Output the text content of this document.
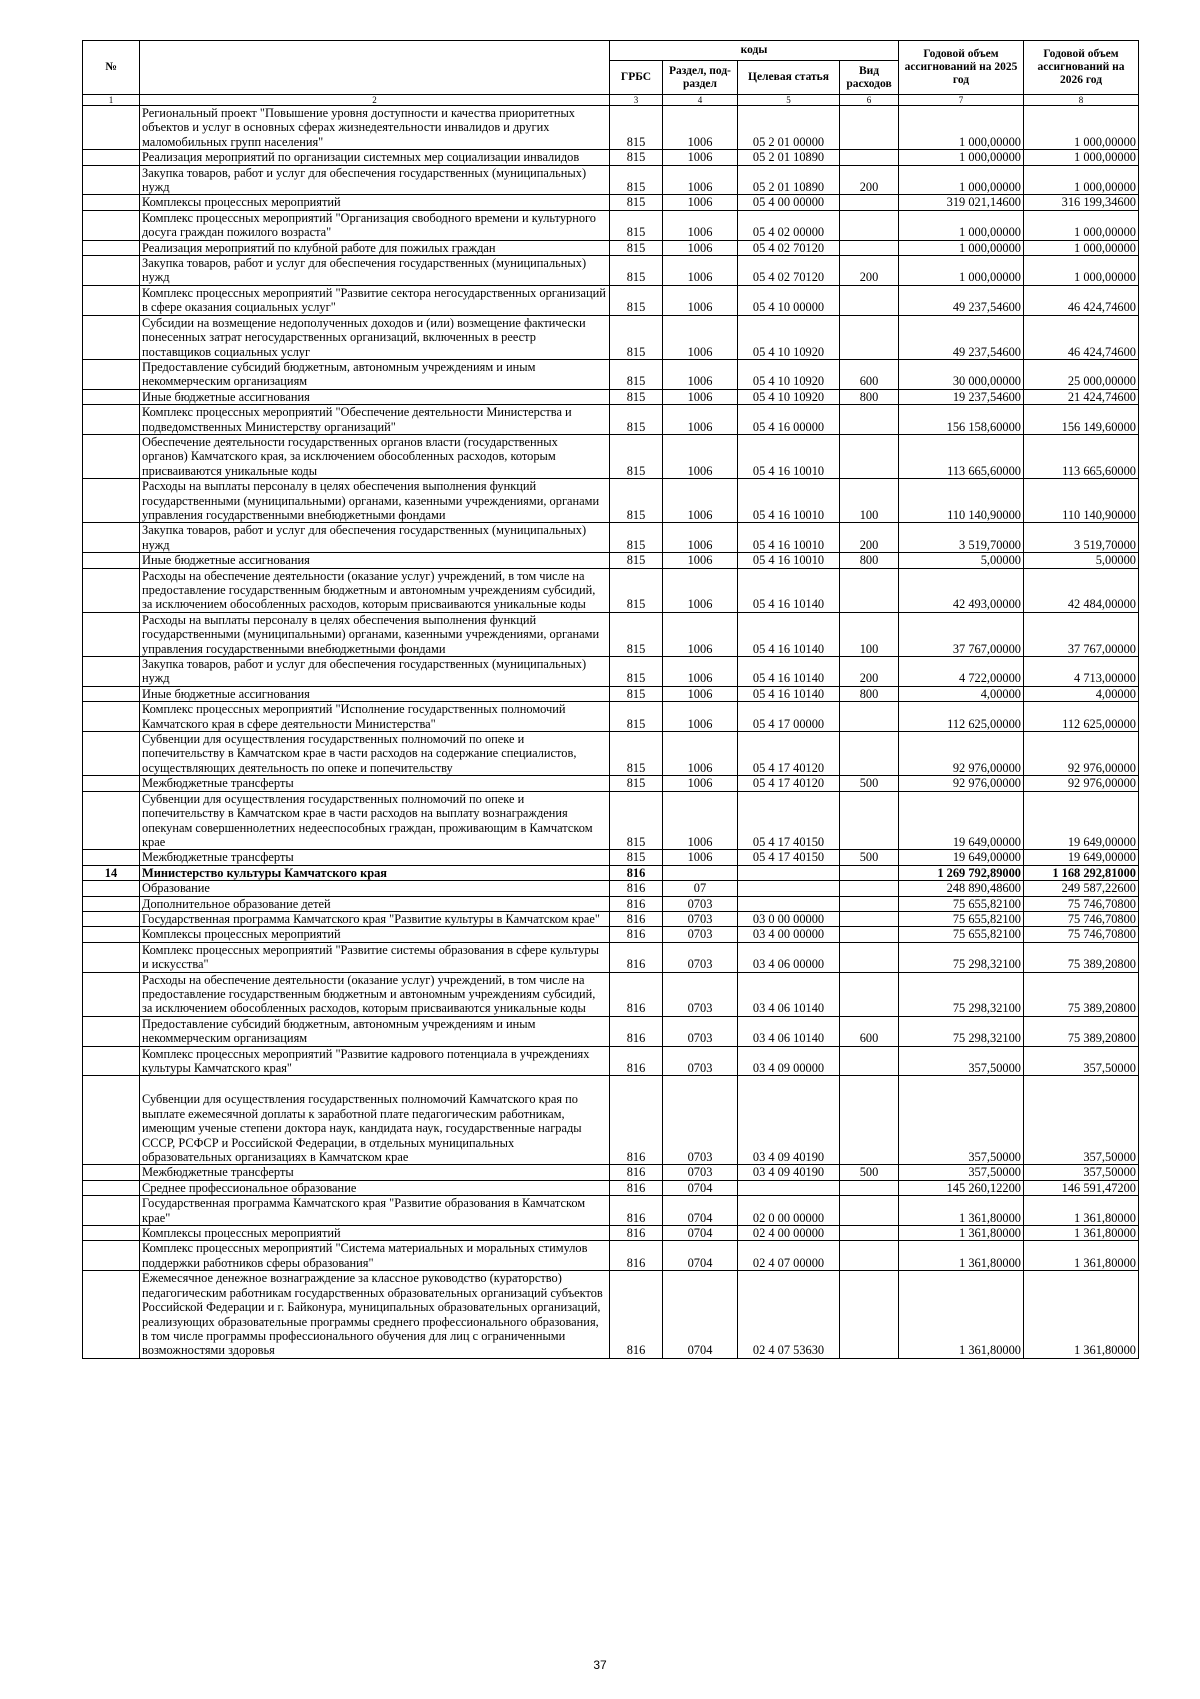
№		коды				Годовой объем ассигнований на 2025 год	Годовой объем ассигнований на 2026 год
		ГРБС	Раздел, под-раздел	Целевая статья	Вид расходов		
1	2	3	4	5	6	7	8
	Региональный проект "Повышение уровня доступности и качества приоритетных объектов и услуг в основных сферах жизнедеятельности инвалидов и других маломобильных групп населения"	815	1006	05 2 01 00000		1 000,00000	1 000,00000
	Реализация мероприятий по организации системных мер социализации инвалидов	815	1006	05 2 01 10890		1 000,00000	1 000,00000
	Закупка товаров, работ и услуг для обеспечения государственных (муниципальных) нужд	815	1006	05 2 01 10890	200	1 000,00000	1 000,00000
	Комплексы процессных мероприятий	815	1006	05 4 00 00000		319 021,14600	316 199,34600
	Комплекс процессных мероприятий "Организация свободного времени и культурного досуга граждан пожилого возраста"	815	1006	05 4 02 00000		1 000,00000	1 000,00000
	Реализация мероприятий по клубной работе для пожилых граждан	815	1006	05 4 02 70120		1 000,00000	1 000,00000
	Закупка товаров, работ и услуг для обеспечения государственных (муниципальных) нужд	815	1006	05 4 02 70120	200	1 000,00000	1 000,00000
	Комплекс процессных мероприятий "Развитие сектора негосударственных организаций в сфере оказания социальных услуг"	815	1006	05 4 10 00000		49 237,54600	46 424,74600
	Субсидии на возмещение недополученных доходов и (или) возмещение фактически понесенных затрат негосударственных организаций, включенных в реестр поставщиков социальных услуг	815	1006	05 4 10 10920		49 237,54600	46 424,74600
	Предоставление субсидий бюджетным, автономным учреждениям и иным некоммерческим организациям	815	1006	05 4 10 10920	600	30 000,00000	25 000,00000
	Иные бюджетные ассигнования	815	1006	05 4 10 10920	800	19 237,54600	21 424,74600
	Комплекс процессных мероприятий "Обеспечение деятельности Министерства и подведомственных Министерству организаций"	815	1006	05 4 16 00000		156 158,60000	156 149,60000
	Обеспечение деятельности государственных органов власти (государственных органов) Камчатского края, за исключением обособленных расходов, которым присваиваются уникальные коды	815	1006	05 4 16 10010		113 665,60000	113 665,60000
	Расходы на выплаты персоналу в целях обеспечения выполнения функций государственными (муниципальными) органами, казенными учреждениями, органами управления государственными внебюджетными фондами	815	1006	05 4 16 10010	100	110 140,90000	110 140,90000
	Закупка товаров, работ и услуг для обеспечения государственных (муниципальных) нужд	815	1006	05 4 16 10010	200	3 519,70000	3 519,70000
	Иные бюджетные ассигнования	815	1006	05 4 16 10010	800	5,00000	5,00000
	Расходы на обеспечение деятельности (оказание услуг) учреждений, в том числе на предоставление государственным бюджетным и автономным учреждениям субсидий, за исключением обособленных расходов, которым присваиваются уникальные коды	815	1006	05 4 16 10140		42 493,00000	42 484,00000
	Расходы на выплаты персоналу в целях обеспечения выполнения функций государственными (муниципальными) органами, казенными учреждениями, органами управления государственными внебюджетными фондами	815	1006	05 4 16 10140	100	37 767,00000	37 767,00000
	Закупка товаров, работ и услуг для обеспечения государственных (муниципальных) нужд	815	1006	05 4 16 10140	200	4 722,00000	4 713,00000
	Иные бюджетные ассигнования	815	1006	05 4 16 10140	800	4,00000	4,00000
	Комплекс процессных мероприятий "Исполнение государственных полномочий Камчатского края в сфере деятельности Министерства"	815	1006	05 4 17 00000		112 625,00000	112 625,00000
	Субвенции для осуществления государственных полномочий по опеке и попечительству в Камчатском крае в части расходов на содержание специалистов, осуществляющих деятельность по опеке и попечительству	815	1006	05 4 17 40120		92 976,00000	92 976,00000
	Межбюджетные трансферты	815	1006	05 4 17 40120	500	92 976,00000	92 976,00000
	Субвенции для осуществления государственных полномочий по опеке и попечительству в Камчатском крае в части расходов на выплату вознаграждения опекунам совершеннолетних недееспособных граждан, проживающим в Камчатском крае	815	1006	05 4 17 40150		19 649,00000	19 649,00000
	Межбюджетные трансферты	815	1006	05 4 17 40150	500	19 649,00000	19 649,00000
14	Министерство культуры Камчатского края	816				1 269 792,89000	1 168 292,81000
	Образование	816	07			248 890,48600	249 587,22600
	Дополнительное образование детей	816	0703			75 655,82100	75 746,70800
	Государственная программа Камчатского края "Развитие культуры в Камчатском крае"	816	0703	03 0 00 00000		75 655,82100	75 746,70800
	Комплексы процессных мероприятий	816	0703	03 4 00 00000		75 655,82100	75 746,70800
	Комплекс процессных мероприятий "Развитие системы образования в сфере культуры и искусства"	816	0703	03 4 06 00000		75 298,32100	75 389,20800
	Расходы на обеспечение деятельности (оказание услуг) учреждений, в том числе на предоставление государственным бюджетным и автономным учреждениям субсидий, за исключением обособленных расходов, которым присваиваются уникальные коды	816	0703	03 4 06 10140		75 298,32100	75 389,20800
	Предоставление субсидий бюджетным, автономным учреждениям и иным некоммерческим организациям	816	0703	03 4 06 10140	600	75 298,32100	75 389,20800
	Комплекс процессных мероприятий "Развитие кадрового потенциала в учреждениях культуры Камчатского края"	816	0703	03 4 09 00000		357,50000	357,50000
	Субвенции для осуществления государственных полномочий Камчатского края по выплате ежемесячной доплаты к заработной плате педагогическим работникам, имеющим ученые степени доктора наук, кандидата наук, государственные награды СССР, РСФСР и Российской Федерации, в отдельных муниципальных образовательных организациях в Камчатском крае	816	0703	03 4 09 40190		357,50000	357,50000
	Межбюджетные трансферты	816	0703	03 4 09 40190	500	357,50000	357,50000
	Среднее профессиональное образование	816	0704			145 260,12200	146 591,47200
	Государственная программа Камчатского края "Развитие образования в Камчатском крае"	816	0704	02 0 00 00000		1 361,80000	1 361,80000
	Комплексы процессных мероприятий	816	0704	02 4 00 00000		1 361,80000	1 361,80000
	Комплекс процессных мероприятий "Система материальных и моральных стимулов поддержки работников сферы образования"	816	0704	02 4 07 00000		1 361,80000	1 361,80000
	Ежемесячное денежное вознаграждение за классное руководство (кураторство) педагогическим работникам государственных образовательных организаций субъектов Российской Федерации и г. Байконура, муниципальных образовательных организаций, реализующих образовательные программы среднего профессионального образования, в том числе программы профессионального обучения для лиц с ограниченными возможностями здоровья	816	0704	02 4 07 53630		1 361,80000	1 361,80000
37
